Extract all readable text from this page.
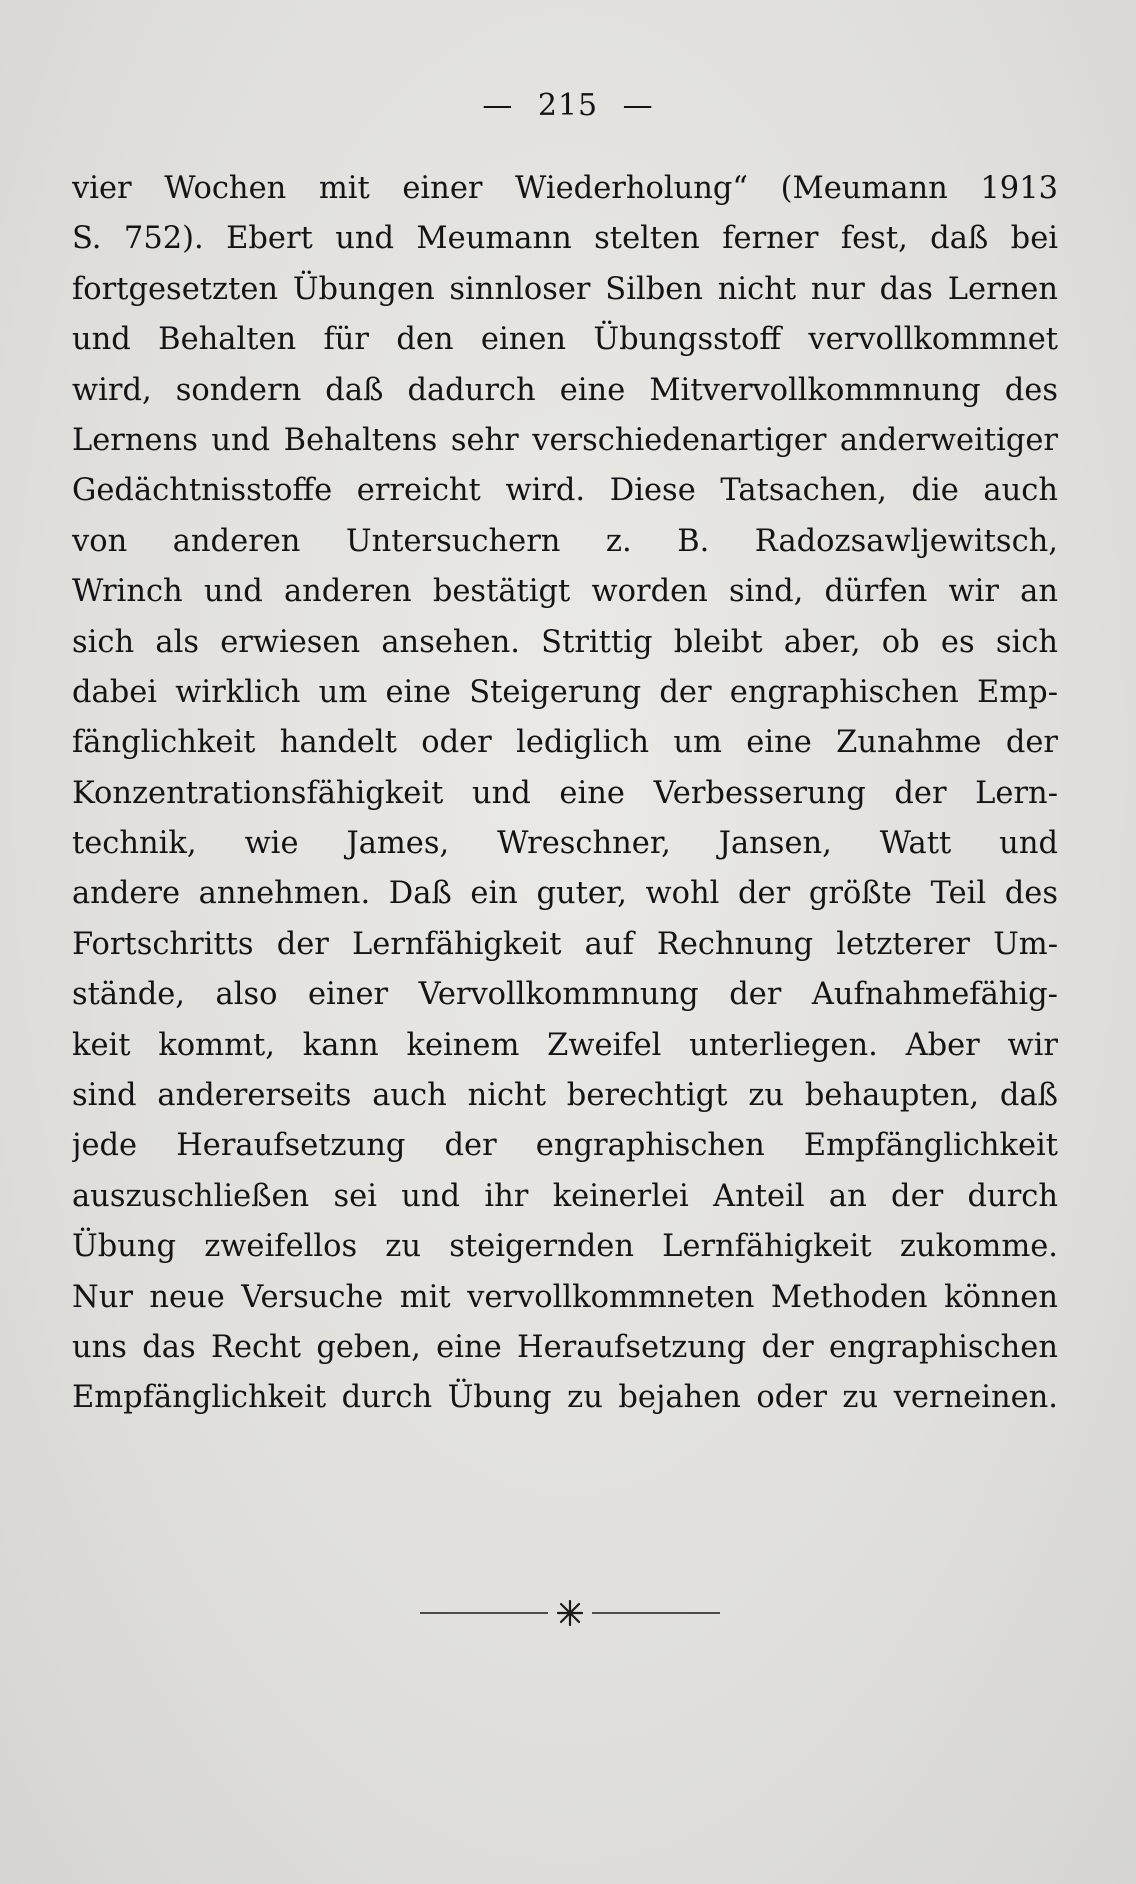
— 215 —
vier Wochen mit einer Wiederholung“ (Meumann 1913
S. 752). Ebert und Meumann stelten ferner fest, daß bei
fortgesetzten Übungen sinnloser Silben nicht nur das Lernen
und Behalten für den einen Übungsstoff vervollkommnet
wird, sondern daß dadurch eine Mitvervollkommnung des
Lernens und Behaltens sehr verschiedenartiger anderweitiger
Gedächtnisstoffe erreicht wird. Diese Tatsachen, die auch
von anderen Untersuchern z. B. Radozsawljewitsch,
Wrinch und anderen bestätigt worden sind, dürfen wir an
sich als erwiesen ansehen. Strittig bleibt aber, ob es sich
dabei wirklich um eine Steigerung der engraphischen Emp-
fänglichkeit handelt oder lediglich um eine Zunahme der
Konzentrationsfähigkeit und eine Verbesserung der Lern-
technik, wie James, Wreschner, Jansen, Watt und
andere annehmen. Daß ein guter, wohl der größte Teil des
Fortschritts der Lernfähigkeit auf Rechnung letzterer Um-
stände, also einer Vervollkommnung der Aufnahmefähig-
keit kommt, kann keinem Zweifel unterliegen. Aber wir
sind andererseits auch nicht berechtigt zu behaupten, daß
jede Heraufsetzung der engraphischen Empfänglichkeit
auszuschließen sei und ihr keinerlei Anteil an der durch
Übung zweifellos zu steigernden Lernfähigkeit zukomme.
Nur neue Versuche mit vervollkommneten Methoden können
uns das Recht geben, eine Heraufsetzung der engraphischen
Empfänglichkeit durch Übung zu bejahen oder zu verneinen.
